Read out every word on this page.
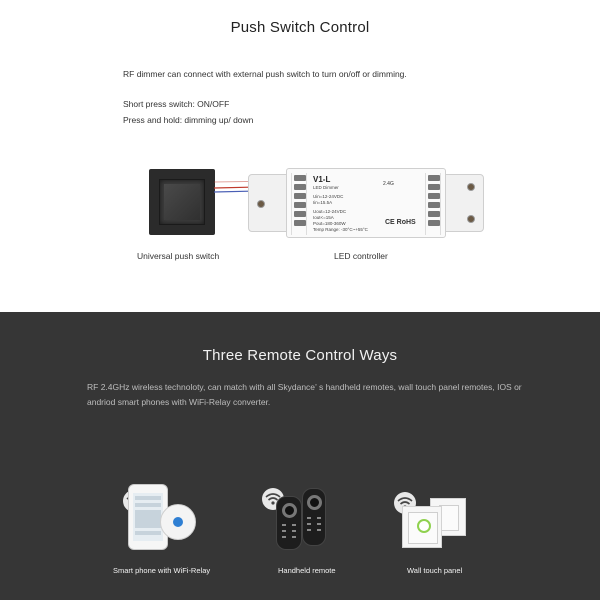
Push Switch Control
RF dimmer can connect with external push switch to turn on/off or dimming.
Short press switch: ON/OFF
Press and hold: dimming up/ down
V1-L
LED Dimmer
Uin=12-24VDC
Iin=15.5A
Uout=12-24VDC
Iout<=15A
Pout=180-360W
Temp Range: -30°C~+55°C
2.4G
CE RoHS
Universal push switch	LED controller
Three Remote Control Ways
RF 2.4GHz wireless technoloty, can match with all Skydance’ s handheld remotes, wall touch panel remotes, IOS or andriod smart phones with WiFi-Relay converter.
Smart phone with WiFi-Relay	Handheld remote	Wall touch panel
